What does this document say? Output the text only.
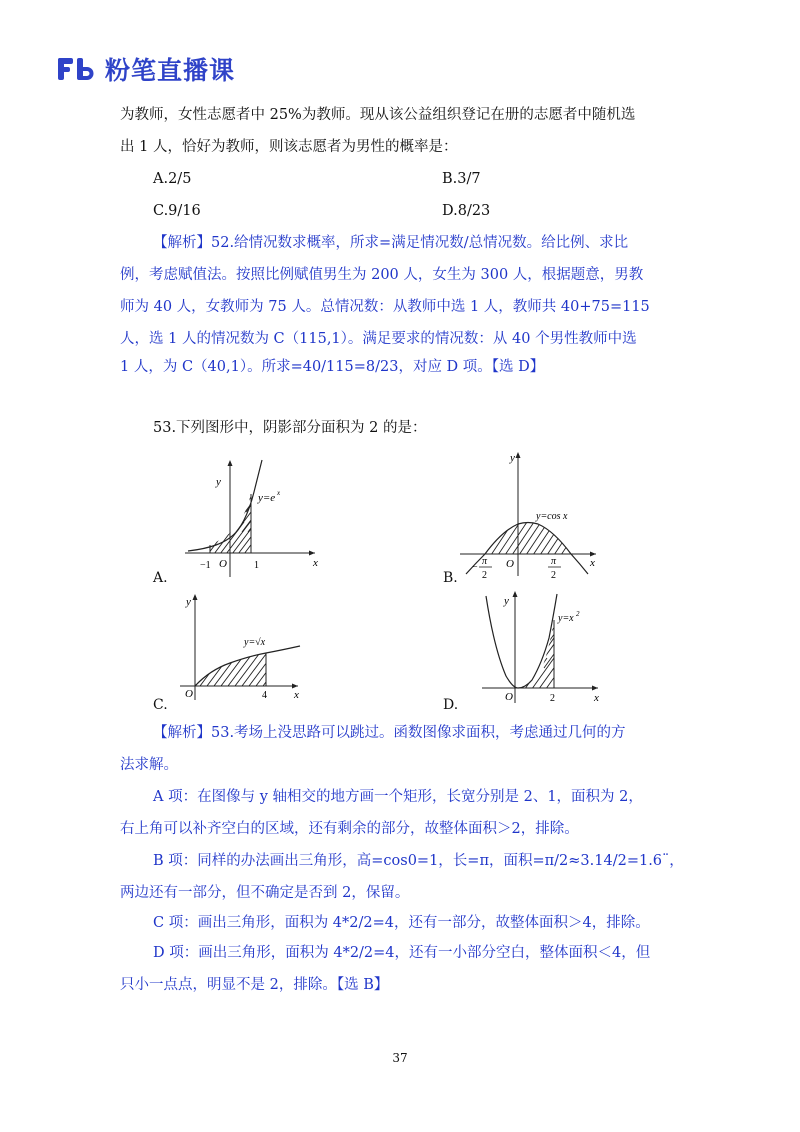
Fb
粉笔直播课
为教师，女性志愿者中 25%为教师。现从该公益组织登记在册的志愿者中随机选
出 1 人，恰好为教师，则该志愿者为男性的概率是：
A.2/5	B.3/7
C.9/16	D.8/23
【解析】52.给情况数求概率，所求=满足情况数/总情况数。给比例、求比
例，考虑赋值法。按照比例赋值男生为 200 人，女生为 300 人，根据题意，男教
师为 40 人，女教师为 75 人。总情况数：从教师中选 1 人，教师共 40+75=115
人，选 1 人的情况数为 C（115,1）。满足要求的情况数：从 40 个男性教师中选
1 人，为 C（40,1）。所求=40/115=8/23，对应 D 项。【选 D】
53.下列图形中，阴影部分面积为 2 的是：
y
y=e x
x
O
−1	1
A.
y
y=cos x
x
O
−
π
2
π
2
B.
y
y=√x
x
O	4
C.
y
y=x 2
x
O	2
D.
【解析】53.考场上没思路可以跳过。函数图像求面积，考虑通过几何的方
法求解。
A 项：在图像与 y 轴相交的地方画一个矩形，长宽分别是 2、1，面积为 2，
右上角可以补齐空白的区域，还有剩余的部分，故整体面积＞2，排除。
B 项：同样的办法画出三角形，高=cos0=1，长=π，面积=π/2≈3.14/2=1.6¨，
两边还有一部分，但不确定是否到 2，保留。
C 项：画出三角形，面积为 4*2/2=4，还有一部分，故整体面积＞4，排除。
D 项：画出三角形，面积为 4*2/2=4，还有一小部分空白，整体面积＜4，但
只小一点点，明显不是 2，排除。【选 B】
37
